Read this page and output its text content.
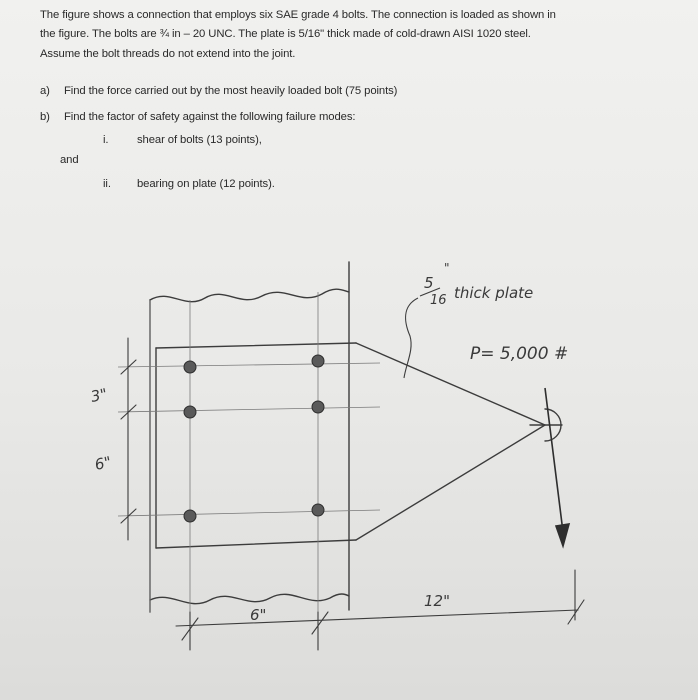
The figure shows a connection that employs six SAE grade 4 bolts. The connection is loaded as shown in
the figure. The bolts are ¾ in – 20 UNC. The plate is 5/16" thick made of cold-drawn AISI 1020 steel.
Assume the bolt threads do not extend into the joint.
a) Find the force carried out by the most heavily loaded bolt (75 points)
b) Find the factor of safety against the following failure modes:
i.	shear of bolts (13 points),
and
ii. bearing on plate (12 points).
5
16
"
thick plate
P= 5,000 #
3"
6"
6"
12"
